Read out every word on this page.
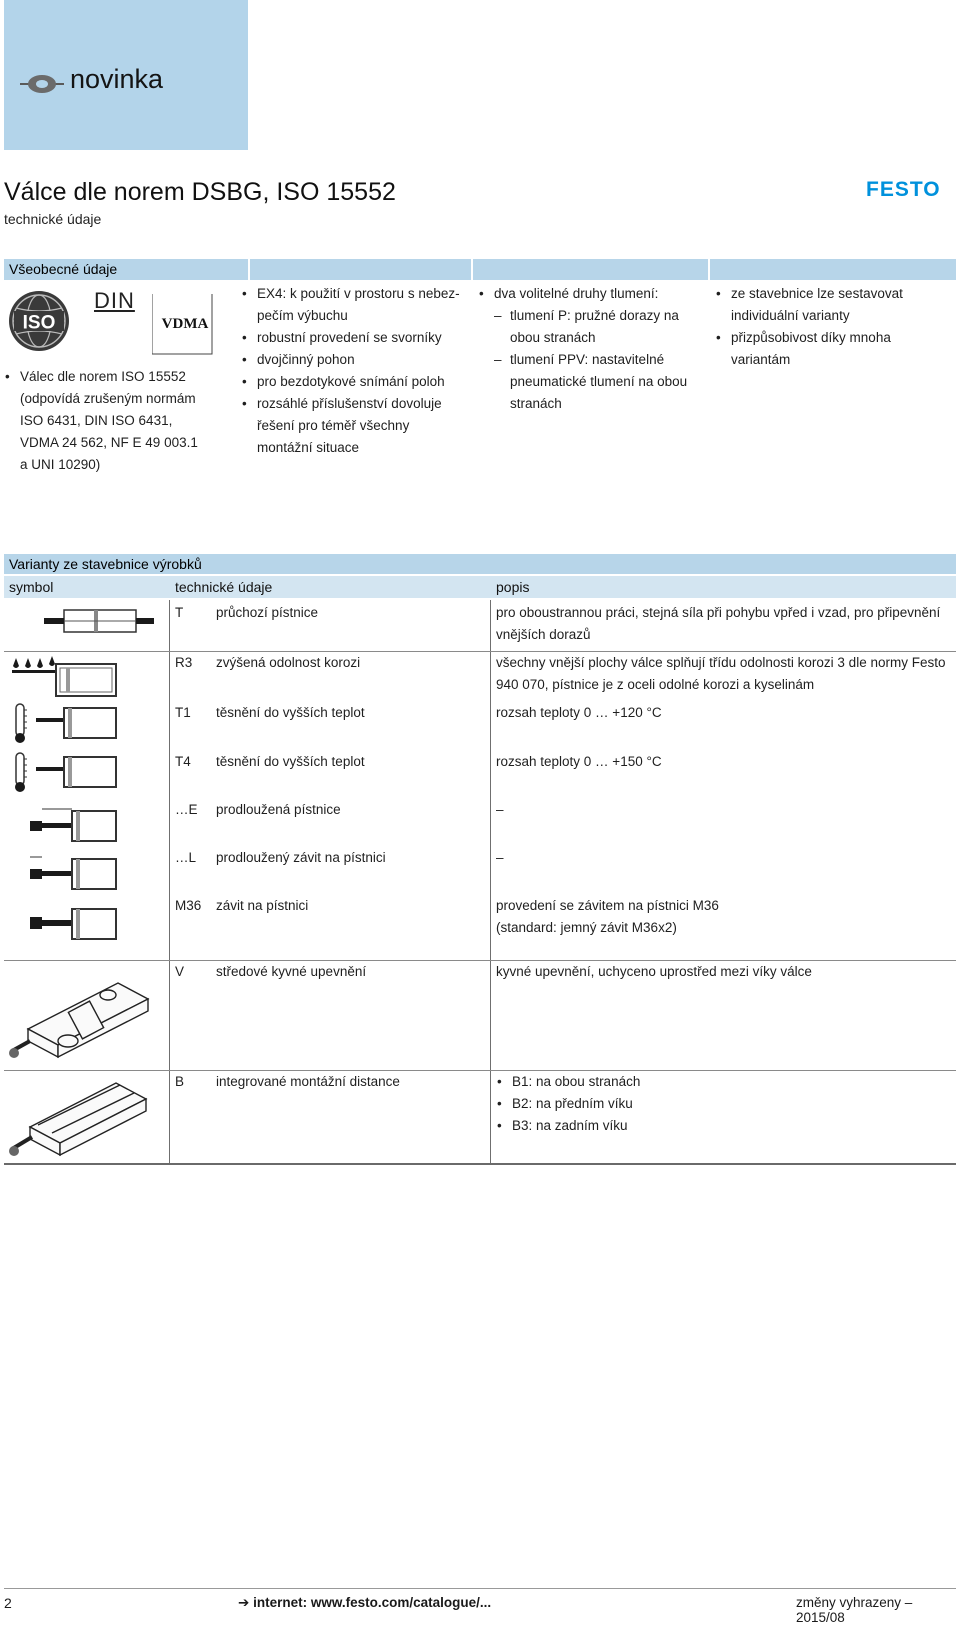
novinka
Válce dle norem DSBG, ISO 15552
technické údaje
FESTO
Všeobecné údaje
ISO
DIN
VDMA
• Válec dle norem ISO 15552
(odpovídá zrušeným normám
ISO 6431, DIN ISO 6431,
VDMA 24 562, NF E 49 003.1
a UNI 10290)
• EX4: k použití v prostoru s nebezpečím výbuchu
• robustní provedení se svorníky
• dvojčinný pohon
• pro bezdotykové snímání poloh
• rozsáhlé příslušenství dovoluje řešení pro téměř všechny montážní situace
• dva volitelné druhy tlumení:
– tlumení P: pružné dorazy na obou stranách
– tlumení PPV: nastavitelné pneumatické tlumení na obou stranách
• ze stavebnice lze sestavovat individuální varianty
• přizpůsobivost díky mnoha variantám
Varianty ze stavebnice výrobků
symbol	technické údaje	popis
T průchozí pístnice	pro oboustrannou práci, stejná síla při pohybu vpřed i vzad, pro připevnění vnějších dorazů
R3 zvýšená odolnost korozi	všechny vnější plochy válce splňují třídu odolnosti korozi 3 dle normy Festo 940 070, pístnice je z oceli odolné korozi a kyselinám
T1 těsnění do vyšších teplot	rozsah teploty 0 … +120 °C
T4 těsnění do vyšších teplot	rozsah teploty 0 … +150 °C
…E prodloužená pístnice	–
…L prodloužený závit na pístnici	–
M36 závit na pístnici	provedení se závitem na pístnici M36 (standard: jemný závit M36x2)
V středové kyvné upevnění	kyvné upevnění, uchyceno uprostřed mezi víky válce
B integrované montážní distance
•	B1: na obou stranách
• B2: na předním víku
• B3: na zadním víku
2	➔ internet: www.festo.com/catalogue/...	změny vyhrazeny – 2015/08
